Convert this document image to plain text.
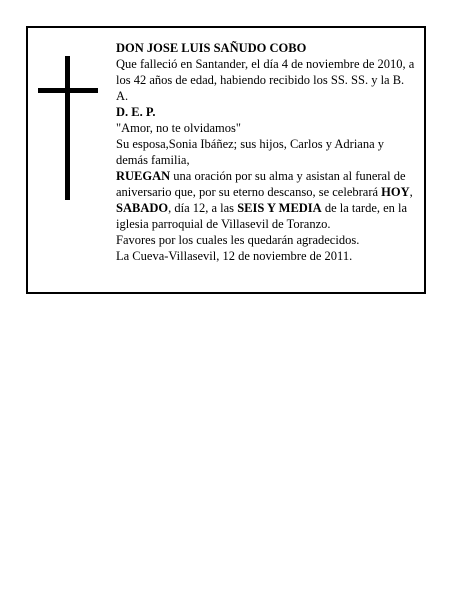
DON JOSE LUIS SAÑUDO COBO

Que falleció en Santander, el día 4 de noviembre de 2010, a los 42 años de edad, habiendo recibido los SS. SS. y la B. A.

D. E. P.

"Amor, no te olvidamos"

Su esposa,Sonia Ibáñez; sus hijos, Carlos y Adriana y demás familia,

RUEGAN una oración por su alma y asistan al funeral de aniversario que, por su eterno descanso, se celebrará HOY, SABADO, día 12, a las SEIS Y MEDIA de la tarde, en la iglesia parroquial de Villasevil de Toranzo.

Favores por los cuales les quedarán agradecidos.

La Cueva-Villasevil, 12 de noviembre de 2011.
